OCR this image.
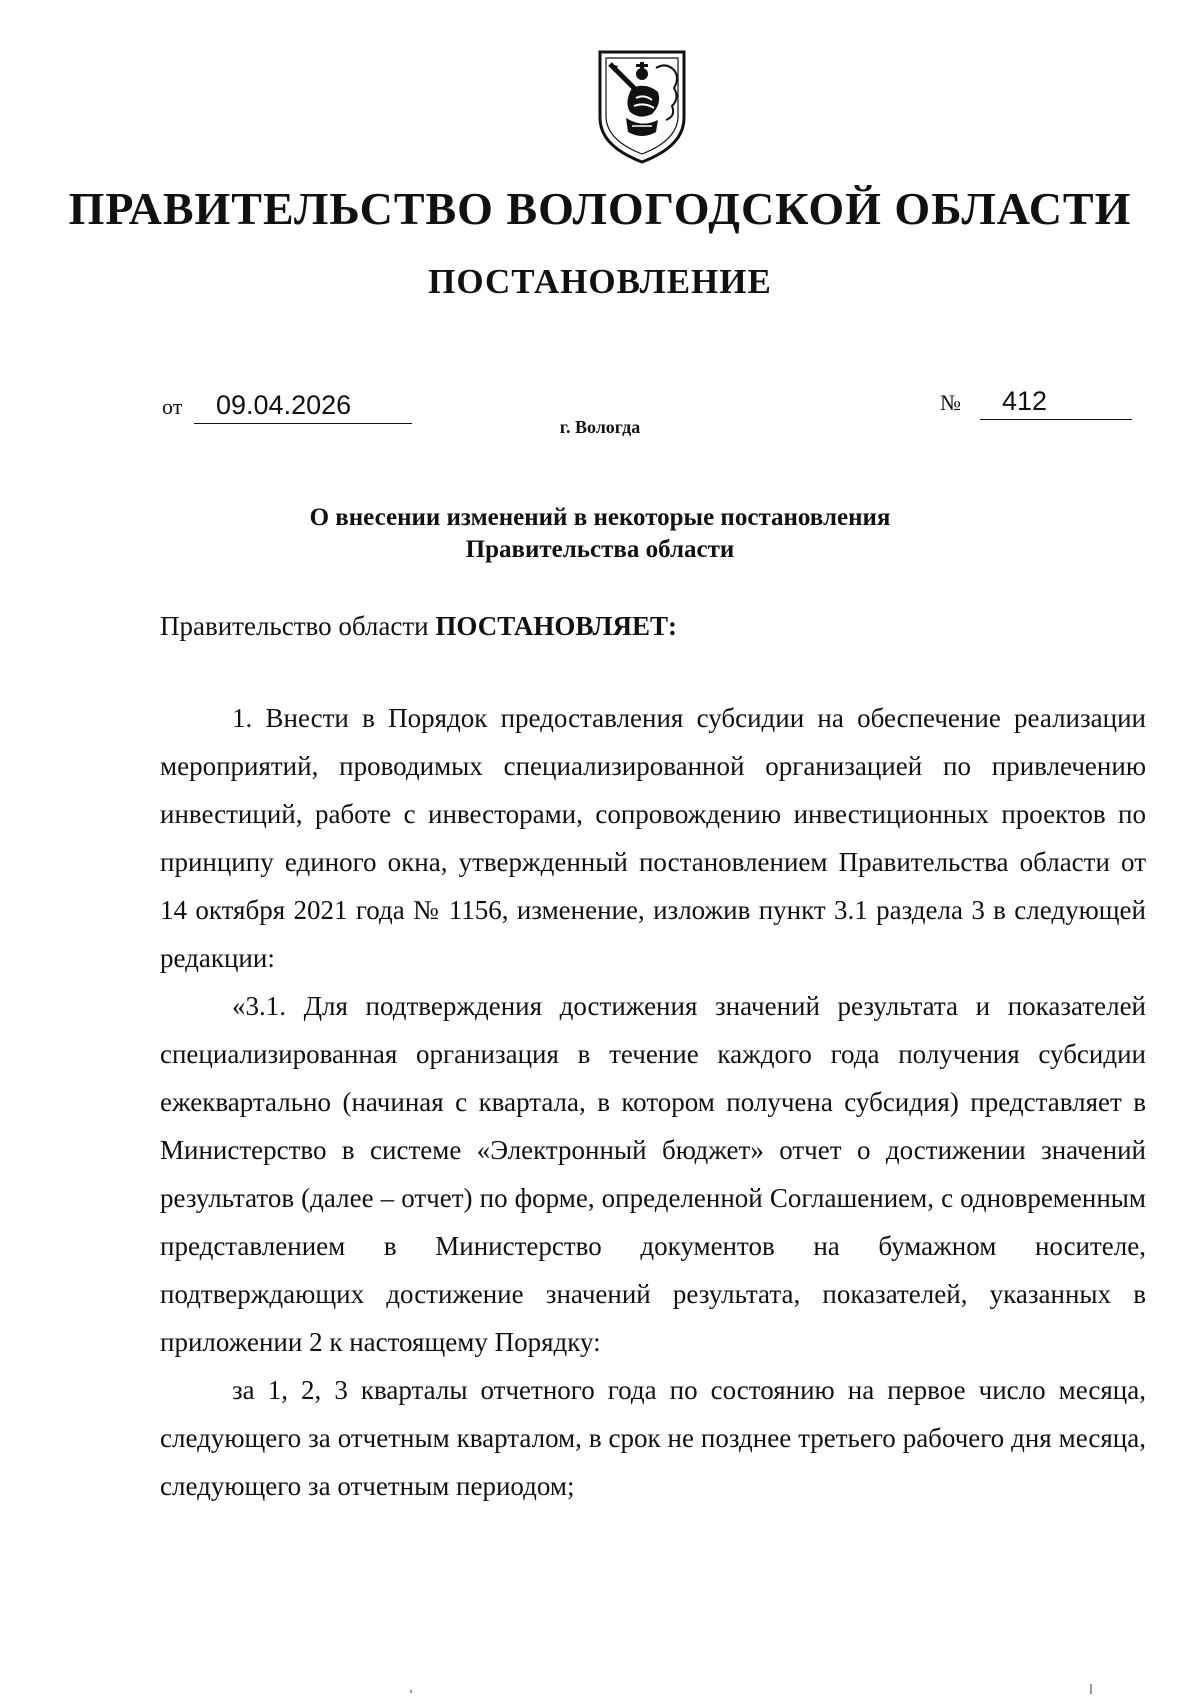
ПРАВИТЕЛЬСТВО ВОЛОГОДСКОЙ ОБЛАСТИ
ПОСТАНОВЛЕНИЕ
от 09.04.2026	№ 412

г. Вологда

О внесении изменений в некоторые постановления
Правительства области

Правительство области ПОСТАНОВЛЯЕТ:

1. Внести в Порядок предоставления субсидии на обеспечение реализации мероприятий, проводимых специализированной организацией по привлечению инвестиций, работе с инвесторами, сопровождению инвестиционных проектов по принципу единого окна, утвержденный постановлением Правительства области от 14 октября 2021 года № 1156, изменение, изложив пункт 3.1 раздела 3 в следующей редакции:

«3.1. Для подтверждения достижения значений результата и показателей специализированная организация в течение каждого года получения субсидии ежеквартально (начиная с квартала, в котором получена субсидия) представляет в Министерство в системе «Электронный бюджет» отчет о достижении значений результатов (далее – отчет) по форме, определенной Соглашением, с одновременным представлением в Министерство документов на бумажном носителе, подтверждающих достижение значений результата, показателей, указанных в приложении 2 к настоящему Порядку:

за 1, 2, 3 кварталы отчетного года по состоянию на первое число месяца, следующего за отчетным кварталом, в срок не позднее третьего рабочего дня месяца, следующего за отчетным периодом;
